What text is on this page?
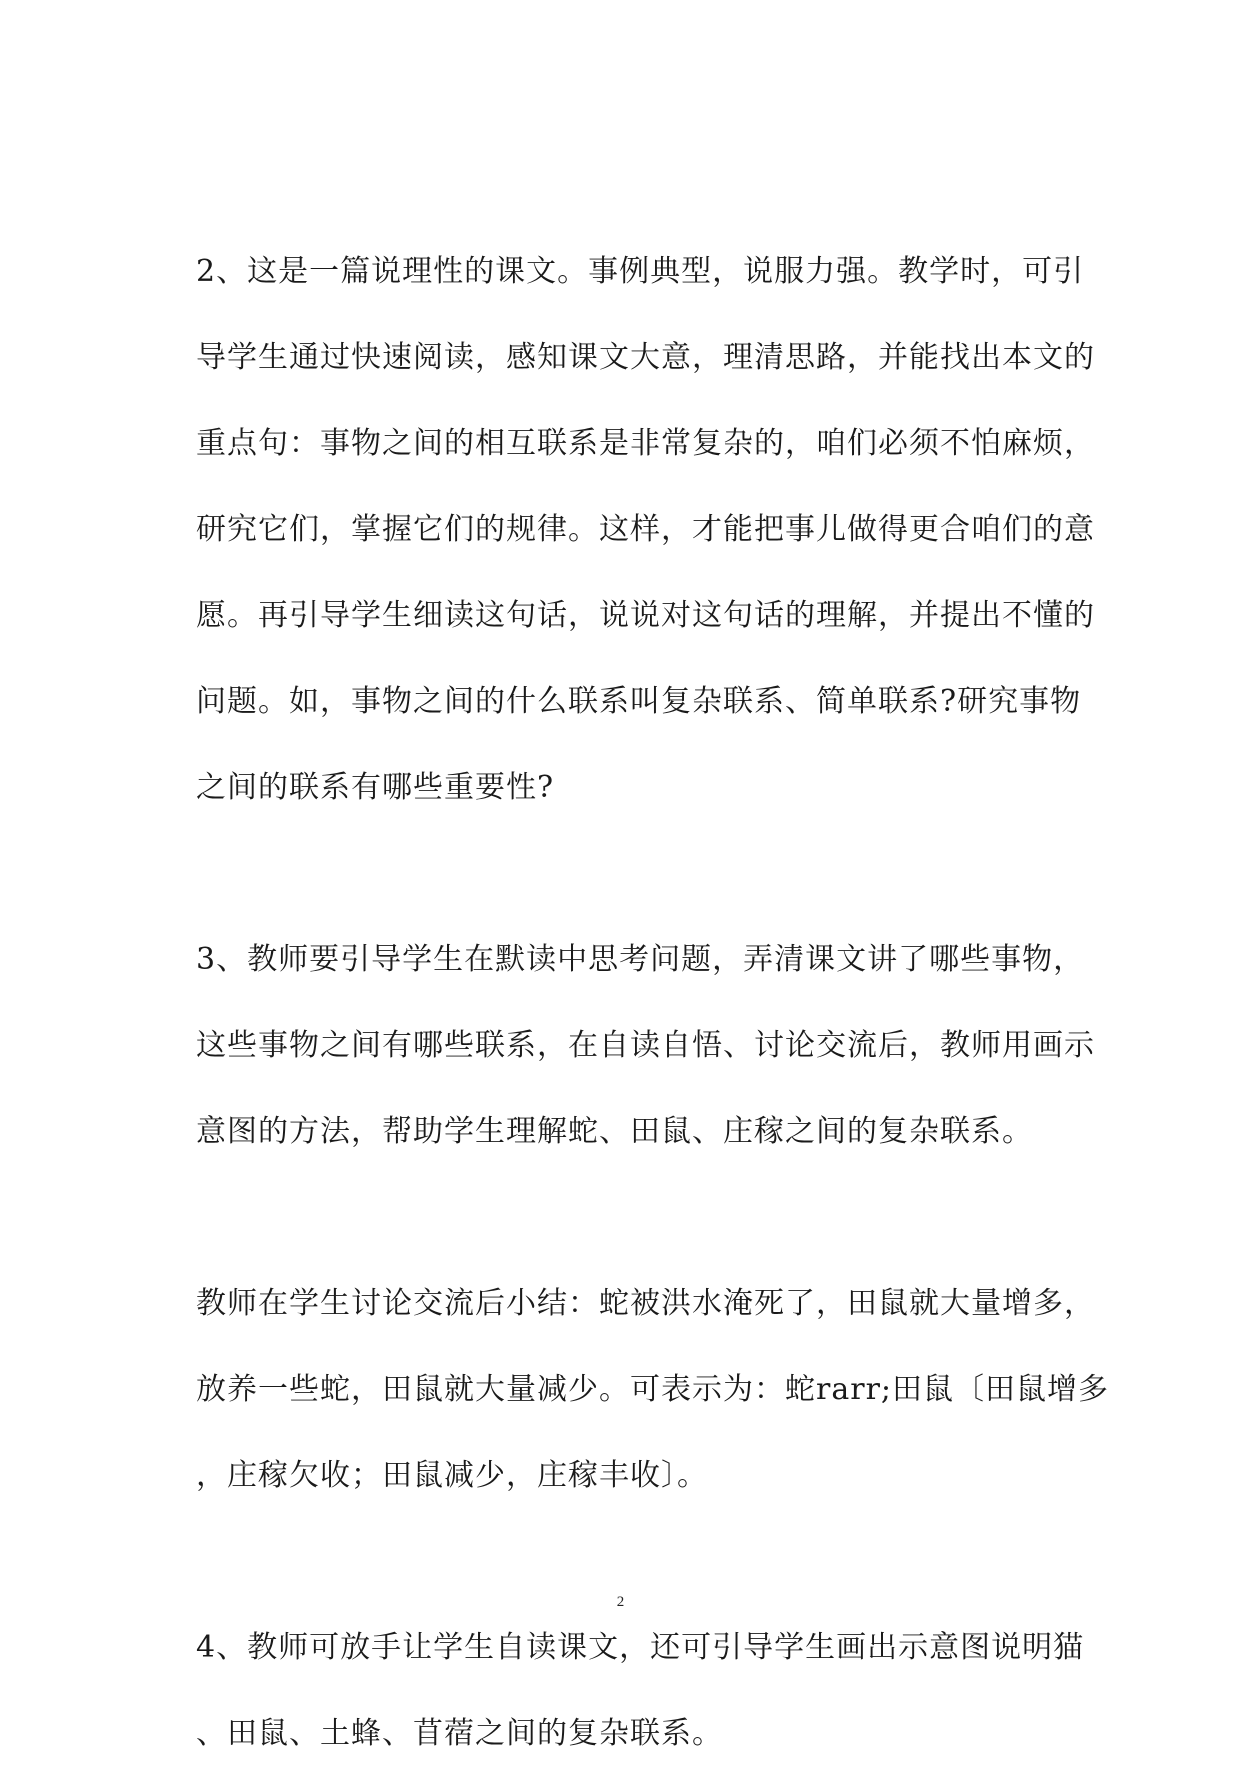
2、这是一篇说理性的课文。事例典型，说服力强。教学时，可引
导学生通过快速阅读，感知课文大意，理清思路，并能找出本文的
重点句：事物之间的相互联系是非常复杂的，咱们必须不怕麻烦，
研究它们，掌握它们的规律。这样，才能把事儿做得更合咱们的意
愿。再引导学生细读这句话，说说对这句话的理解，并提出不懂的
问题。如，事物之间的什么联系叫复杂联系、简单联系?研究事物
之间的联系有哪些重要性?
3、教师要引导学生在默读中思考问题，弄清课文讲了哪些事物，
这些事物之间有哪些联系，在自读自悟、讨论交流后，教师用画示
意图的方法，帮助学生理解蛇、田鼠、庄稼之间的复杂联系。
教师在学生讨论交流后小结：蛇被洪水淹死了，田鼠就大量增多，
放养一些蛇，田鼠就大量减少。可表示为：蛇rarr;田鼠〔田鼠增多
，庄稼欠收；田鼠减少，庄稼丰收〕。
4、教师可放手让学生自读课文，还可引导学生画出示意图说明猫
、田鼠、土蜂、苜蓿之间的复杂联系。
2
